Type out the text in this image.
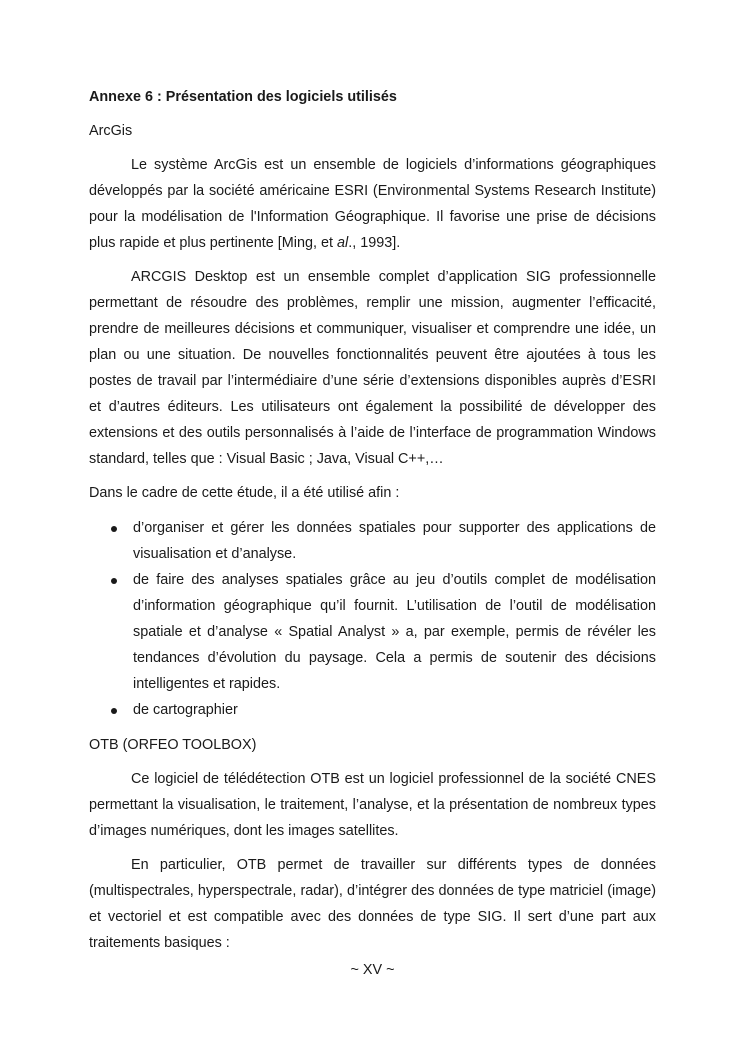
Annexe 6 : Présentation des logiciels utilisés

ArcGis

Le système ArcGis est un ensemble de logiciels d’informations géographiques développés par la société américaine ESRI (Environmental Systems Research Institute) pour la modélisation de l'Information Géographique. Il favorise une prise de décisions plus rapide et plus pertinente [Ming, et al., 1993].

ARCGIS Desktop est un ensemble complet d’application SIG professionnelle permettant de résoudre des problèmes, remplir une mission, augmenter l’efficacité, prendre de meilleures décisions et communiquer, visualiser et comprendre une idée, un plan ou une situation. De nouvelles fonctionnalités peuvent être ajoutées à tous les postes de travail par l’intermédiaire d’une série d’extensions disponibles auprès d’ESRI et d’autres éditeurs. Les utilisateurs ont également la possibilité de développer des extensions et des outils personnalisés à l’aide de l’interface de programmation Windows standard, telles que : Visual Basic ; Java, Visual C++,…

Dans le cadre de cette étude, il a été utilisé afin :

d’organiser et gérer les données spatiales pour supporter des applications de visualisation et d’analyse.
de faire des analyses spatiales grâce au jeu d’outils complet de modélisation d’information géographique qu’il fournit. L’utilisation de l’outil de modélisation spatiale et d’analyse « Spatial Analyst » a, par exemple, permis de révéler les tendances d’évolution du paysage. Cela a permis de soutenir des décisions intelligentes et rapides.
de cartographier

OTB (ORFEO TOOLBOX)

Ce logiciel de télédétection OTB est un logiciel professionnel de la société CNES permettant la visualisation, le traitement, l’analyse, et la présentation de nombreux types d’images numériques, dont les images satellites.

En particulier, OTB permet de travailler sur différents types de données (multispectrales, hyperspectrale, radar), d’intégrer des données de type matriciel (image) et vectoriel et est compatible avec des données de type SIG. Il sert d’une part aux traitements basiques :

~ XV ~
